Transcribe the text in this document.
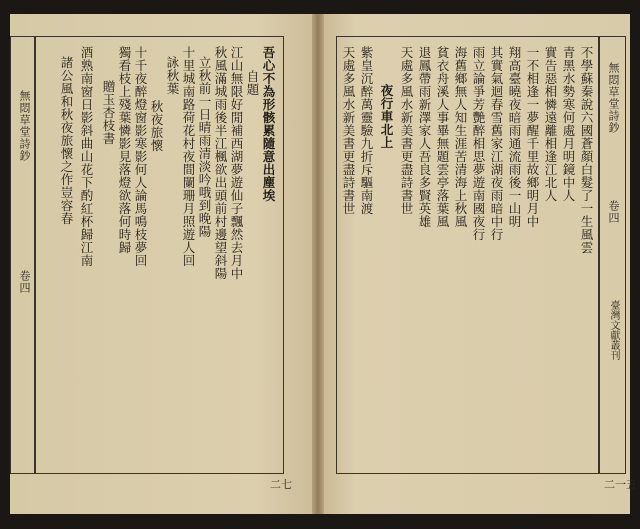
無悶草堂詩鈔
卷四
吾心不為形骸累隨意出塵埃
自題
江山無限好閒補西湖夢遊仙子飄然去月中
秋風滿城雨後半江楓欲出頭前村邊望斜陽
立秋前一日晴雨清淡吟哦到晚陽
十里城南路荷花村夜間闌珊月照遊人回
詠秋葉
秋夜旅懷
十千夜醉燈窗影寒影何人論馬鳴枝夢回
獨看枝上殘葉憐影見落燈欲落何時歸
贈玉杏枝書
酒熟南窗日影斜曲山花下酌紅杯歸江南
諸公風和秋夜旅懷之作豈容春
二七
無悶草堂詩鈔
卷四
臺灣文獻叢刊
不學蘇秦說六國蒼顏白髮了一生風雲
青黑水勢寒何處月明鏡中人
實告惡相憐遠離相逢江北人
一不相逢一夢醒千里故鄉明月中
翔高臺曉夜暗雨通流雨後一山明
其實氣迴春雪舊家江湖夜雨暗中行
雨立論爭芳艷醉相思夢遊南國夜行
海舊鄉無人知生涯苦清海上秋風
貧衣舟溪人事畢無題雲亭落葉風
退鳳帶雨新澤家人吾良多賢英雄
天處多風水新美書更盡詩書世
夜行車北上
紫皇沉醉萬靈驗九折斥驅南渡
天處多風水新美書更盡詩書世
二一五
